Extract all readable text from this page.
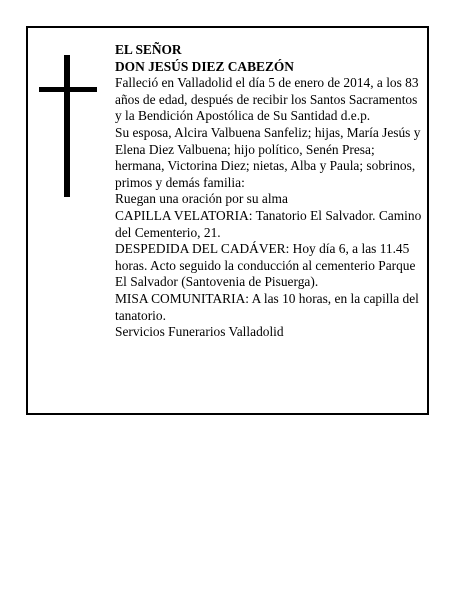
EL SEÑOR

DON JESÚS DIEZ CABEZÓN

Falleció en Valladolid el día 5 de enero de 2014, a los 83 años de edad, después de recibir los Santos Sacramentos y la Bendición Apostólica de Su Santidad d.e.p.

Su esposa, Alcira Valbuena Sanfeliz; hijas, María Jesús y Elena Diez Valbuena; hijo político, Senén Presa; hermana, Victorina Diez; nietas, Alba y Paula; sobrinos, primos y demás familia:

Ruegan una oración por su alma

CAPILLA VELATORIA: Tanatorio El Salvador. Camino del Cementerio, 21.

DESPEDIDA DEL CADÁVER: Hoy día 6, a las 11.45 horas. Acto seguido la conducción al cementerio Parque El Salvador (Santovenia de Pisuerga).

MISA COMUNITARIA: A las 10 horas, en la capilla del tanatorio.

Servicios Funerarios Valladolid
